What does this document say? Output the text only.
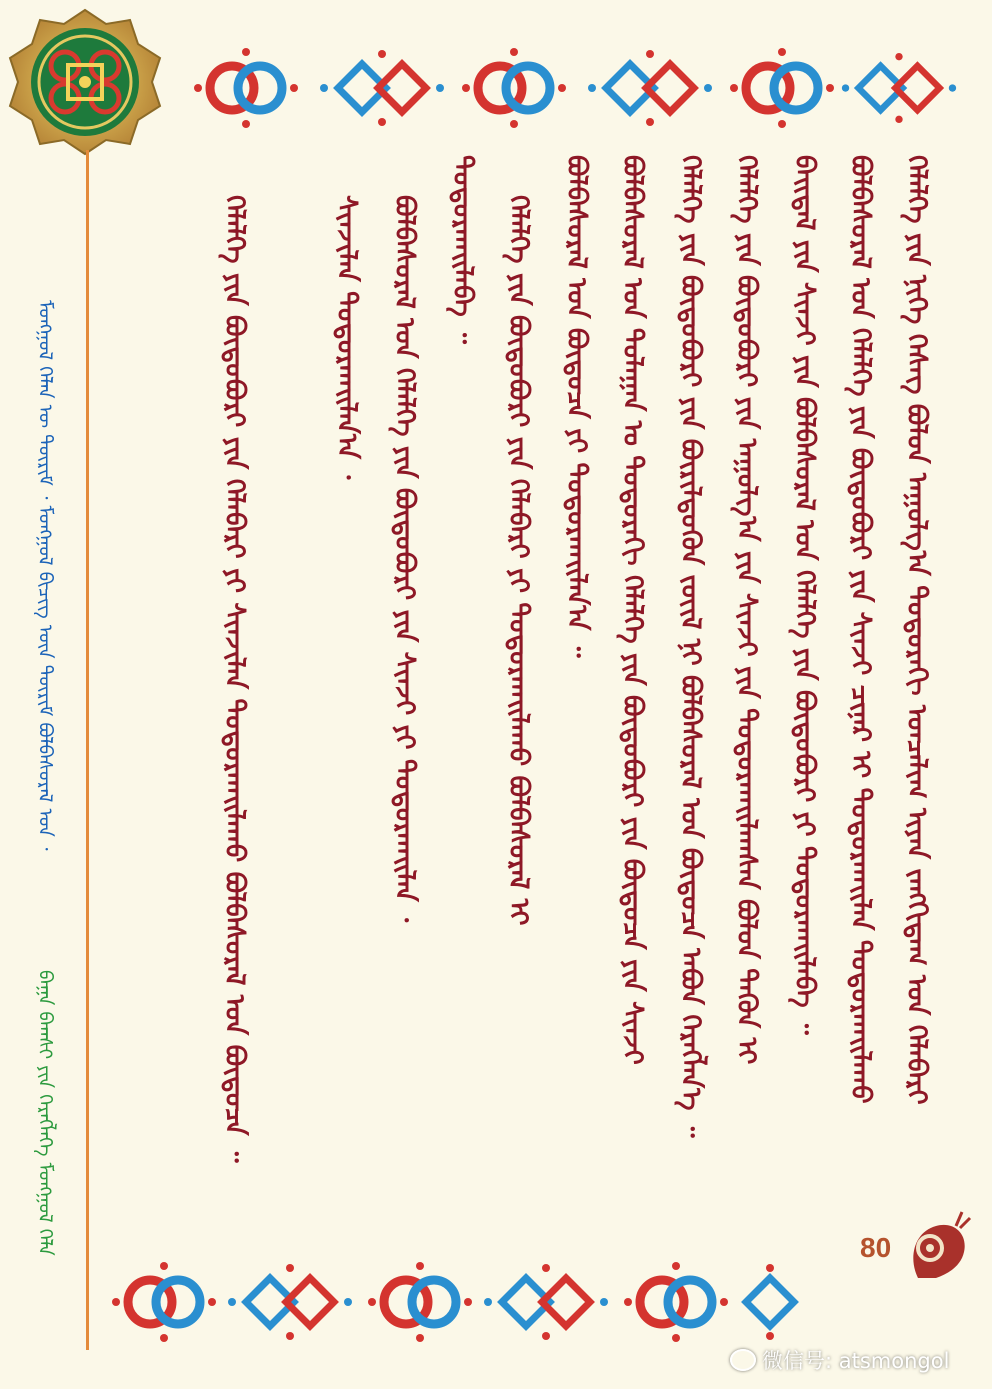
ᠮᠣᠩᠭᠣᠯ ᠬᠡᠯᠡᠨ ᠦ ᠳᠦᠷᠢᠮ ᠂ ᠮᠣᠩᠭᠣᠯ ᠪᠢᠴᠢᠭ ᠦᠨ ᠳᠦᠷᠢᠮ ᠪᠣᠯᠪᠠᠰᠤᠷᠠᠯ ᠤᠨ ᠂
ᠪᠠᠭᠠ ᠪᠠᠭᠰᠢ ᠶᠢᠨ ᠬᠡᠷᠡᠭᠯᠡᠭᠡ ᠮᠣᠩᠭᠣᠯ ᠬᠡᠯᠡ
ᠬᠡᠯᠡᠯᠭᠡ ᠶᠢᠨ ᠨᠢᠭᠡ ᠬᠡᠰᠡᠭ ᠪᠣᠯᠤᠨ ᠠᠭᠤᠯᠭ᠎ᠠ ᠳᠣᠲᠣᠷᠠᠬᠢ ᠣᠨᠴᠠᠯᠢᠭ ᠢᠶᠠᠨ ᠵᠠᠩᠭᠢᠳᠠᠭ ᠤᠨ ᠬᠡᠯᠡᠪᠡᠷᠢ
ᠪᠣᠯᠪᠠᠰᠤᠷᠠᠯ ᠤᠨ ᠬᠡᠯᠡᠯᠭᠡ ᠶᠢᠨ ᠪᠦᠳᠦᠪᠦᠷᠢ ᠶᠢᠨ ᠰᠢᠨᠵᠢ ᠴᠢᠨᠠᠷ ᠢ ᠲᠤᠳᠤᠷᠬᠠᠢᠯᠠᠨ ᠲᠣᠳᠣᠷᠬᠠᠢᠯᠠᠬᠤ
ᠪᠠᠢᠳᠠᠯ ᠶᠢᠨ ᠰᠢᠨᠵᠢ ᠶᠢᠨ ᠪᠣᠯᠪᠠᠰᠤᠷᠠᠯ ᠤᠨ ᠬᠡᠯᠡᠯᠭᠡ ᠶᠢᠨ ᠪᠦᠳᠦᠪᠦᠷᠢ ᠶᠢ ᠲᠣᠳᠣᠷᠬᠠᠢᠯᠠᠪᠠ ᠃
ᠬᠡᠯᠡᠯᠭᠡ ᠶᠢᠨ ᠪᠦᠳᠦᠪᠦᠷᠢ ᠶᠢᠨ ᠠᠭᠤᠯᠭ᠎ᠠ ᠶᠢᠨ ᠰᠢᠨᠵᠢ ᠶᠢᠨ ᠲᠣᠳᠣᠷᠬᠠᠢᠯᠠᠭᠰᠠᠨ ᠪᠣᠯᠤᠨ ᠲᠡᠭᠦᠨ ᠢ
ᠬᠡᠯᠡᠯᠭᠡ ᠶᠢᠨ ᠪᠦᠳᠦᠪᠦᠷᠢ ᠶᠢᠨ ᠪᠦᠷᠢᠯᠳᠦᠬᠦᠨ ᠵᠦᠢᠯ ᠨᠢ ᠪᠣᠯᠪᠠᠰᠤᠷᠠᠯ ᠤᠨ ᠪᠦᠲᠦᠴᠡ ᠠᠪᠤᠨ ᠬᠡᠷᠡᠭᠯᠡᠨ᠎ᠡ ᠃
ᠪᠣᠯᠪᠠᠰᠤᠷᠠᠯ ᠤᠨ ᠲᠣᠯᠠᠭᠠᠨ ᠤ ᠳᠣᠲᠣᠷᠠᠬᠢ ᠬᠡᠯᠡᠯᠭᠡ ᠶᠢᠨ ᠪᠦᠳᠦᠪᠦᠷᠢ ᠶᠢᠨ ᠪᠦᠲᠦᠴᠡ ᠶᠢᠨ ᠰᠢᠨᠵᠢ
ᠪᠣᠯᠪᠠᠰᠤᠷᠠᠯ ᠤᠨ ᠪᠦᠲᠦᠴᠡ ᠶᠢ ᠲᠣᠳᠣᠷᠬᠠᠢᠯᠠᠨ᠎ᠠ ᠃
ᠬᠡᠯᠡᠯᠭᠡ ᠶᠢᠨ ᠪᠦᠳᠦᠪᠦᠷᠢ ᠶᠢᠨ ᠬᠡᠯᠡᠪᠡᠷᠢ ᠶᠢ ᠲᠣᠳᠣᠷᠬᠠᠢᠯᠠᠬᠤ ᠪᠣᠯᠪᠠᠰᠤᠷᠠᠯ ᠢ
ᠲᠣᠳᠣᠷᠬᠠᠢᠯᠠᠪᠠ ᠃
ᠪᠣᠯᠪᠠᠰᠤᠷᠠᠯ ᠤᠨ ᠬᠡᠯᠡᠯᠭᠡ ᠶᠢᠨ ᠪᠦᠳᠦᠪᠦᠷᠢ ᠶᠢᠨ ᠰᠢᠨᠵᠢ ᠶᠢ ᠲᠣᠳᠣᠷᠬᠠᠢᠯᠠᠨ ᠂
ᠰᠢᠨᠵᠢᠯᠡᠨ ᠲᠣᠳᠣᠷᠬᠠᠢᠯᠠᠨ᠎ᠠ ᠂
ᠬᠡᠯᠡᠯᠭᠡ ᠶᠢᠨ ᠪᠦᠳᠦᠪᠦᠷᠢ ᠶᠢᠨ ᠬᠡᠯᠡᠪᠡᠷᠢ ᠶᠢ ᠰᠢᠨᠵᠢᠯᠡᠨ ᠲᠣᠳᠣᠷᠬᠠᠢᠯᠠᠬᠤ ᠪᠣᠯᠪᠠᠰᠤᠷᠠᠯ ᠤᠨ ᠪᠦᠲᠦᠴᠡ ᠃
80
微信号: atsmongol
